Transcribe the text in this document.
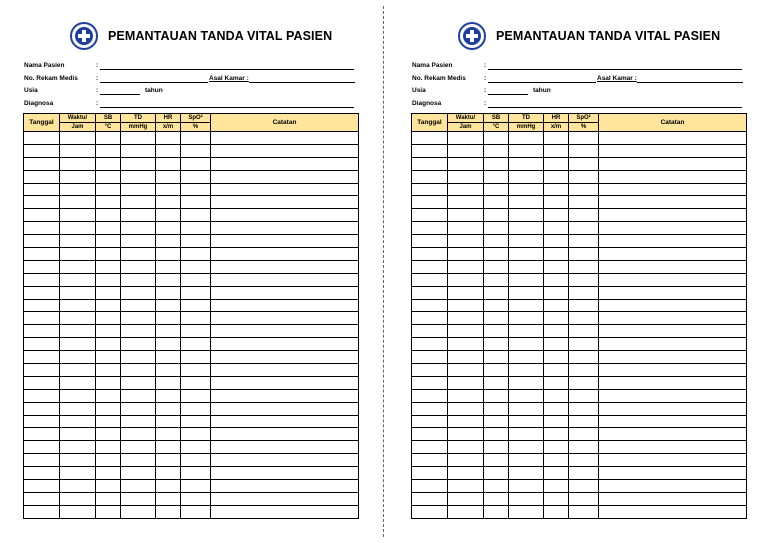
PEMANTAUAN TANDA VITAL PASIEN
Nama Pasien	:
No. Rekam Medis	:	Asal Kamar :
Usia	:	tahun
Diagnosa	:
Tanggal	Waktu/	SB	TD	HR	SpO²	Catatan
	Jam	°C	mmHg	x/m	%	

PEMANTAUAN TANDA VITAL PASIEN
Nama Pasien	:
No. Rekam Medis	:	Asal Kamar :
Usia	:	tahun
Diagnosa	:
Tanggal	Waktu/	SB	TD	HR	SpO²	Catatan
	Jam	°C	mmHg	x/m	%	
